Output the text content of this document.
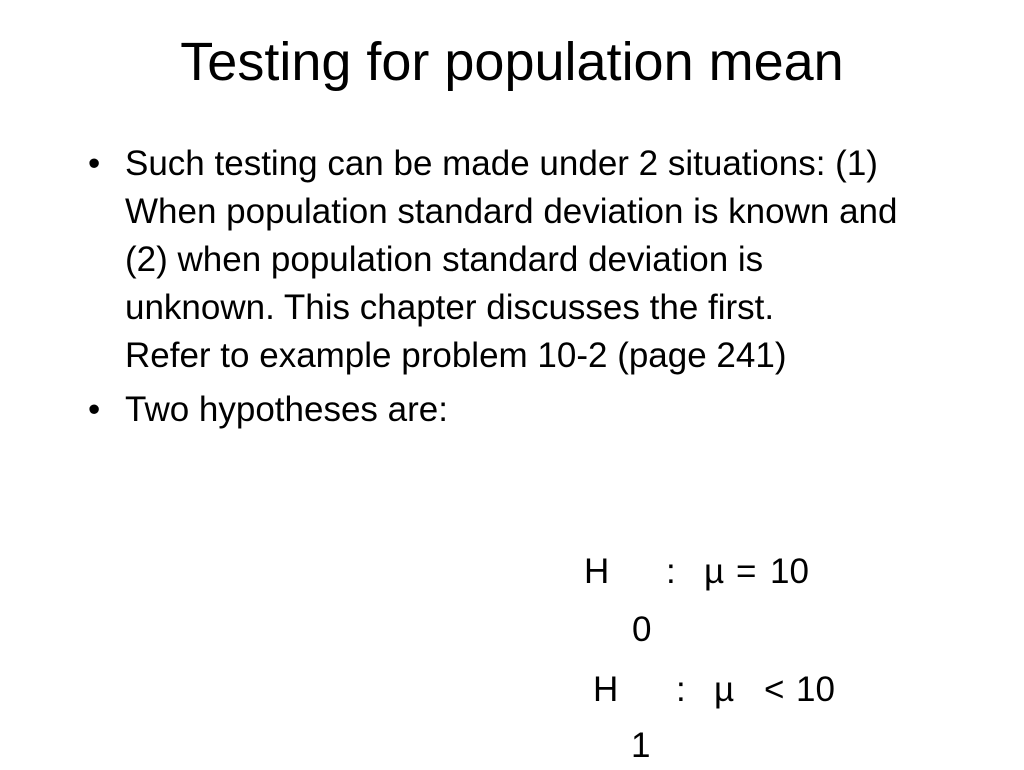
Testing for population mean
• Such testing can be made under 2 situations: (1) When population standard deviation is known and (2) when population standard deviation is unknown. This chapter discusses the first.
Refer to example problem 10-2 (page 241)
• Two hypotheses are:
H : µ = 10
0
H : µ < 10
1
